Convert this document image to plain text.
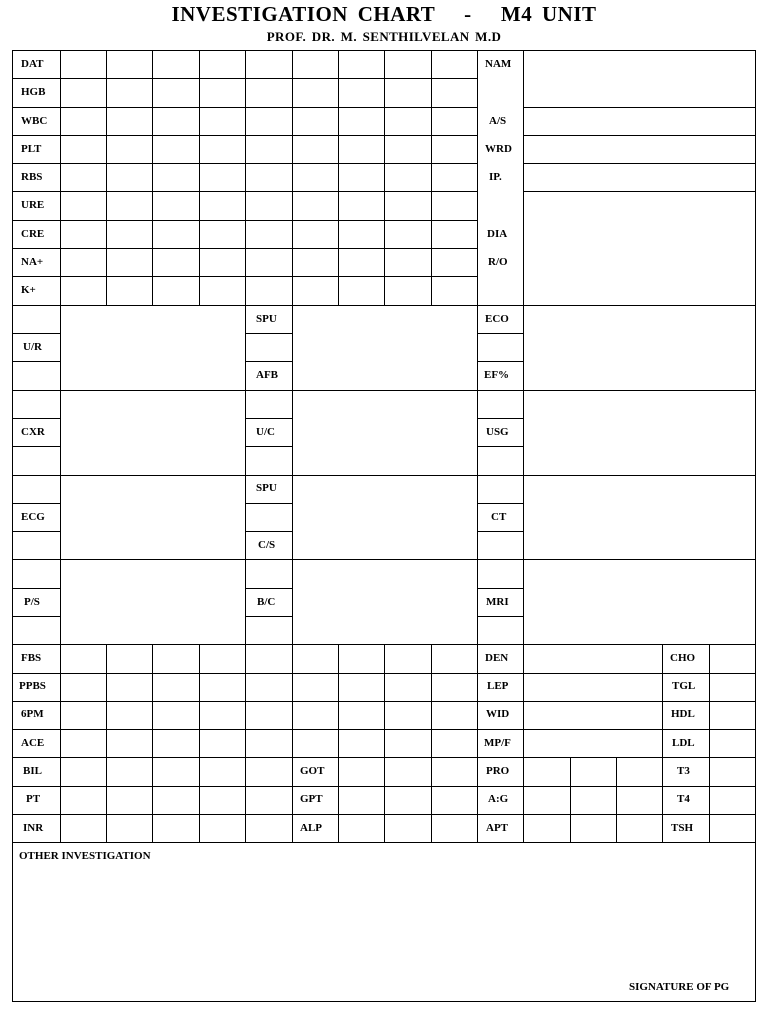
INVESTIGATION CHART   -   M4 UNIT
PROF. DR. M. SENTHILVELAN M.D
DAT
HGB
WBC
PLT
RBS
URE
CRE
NA+
K+
NAM
A/S
WRD
IP.
DIA
R/O
U/R
CXR
ECG
P/S
SPU
AFB
U/C
SPU
C/S
B/C
ECO
EF%
USG
CT
MRI
FBS
PPBS
6PM
ACE
BIL
PT
INR
GOT
GPT
ALP
DEN
LEP
WID
MP/F
PRO
A:G
APT
CHO
TGL
HDL
LDL
T3
T4
TSH
OTHER INVESTIGATION
SIGNATURE OF PG
